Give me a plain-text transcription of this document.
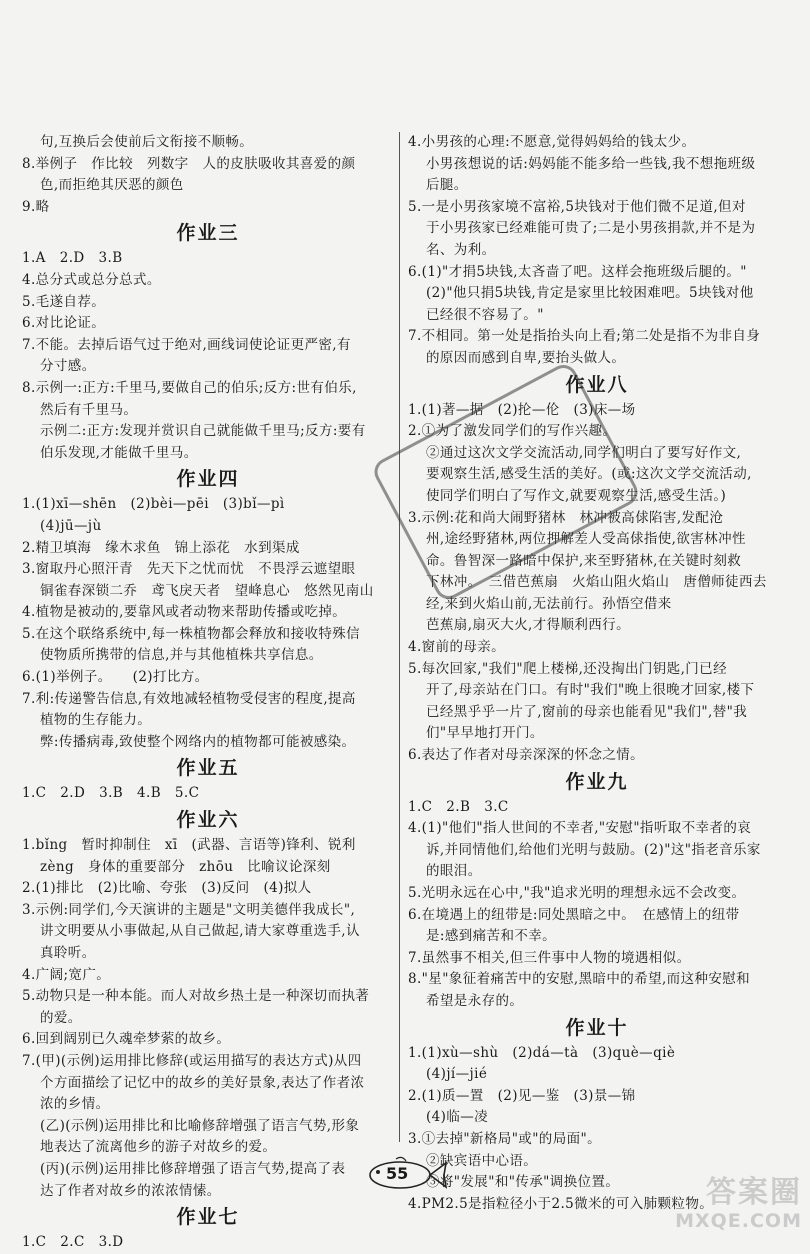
句,互换后会使前后文衔接不顺畅。
8.举例子　作比较　列数字　人的皮肤吸收其喜爱的颜
色,而拒绝其厌恶的颜色
9.略
作业三
1.A　2.D　3.B
4.总分式或总分总式。
5.毛遂自荐。
6.对比论证。
7.不能。去掉后语气过于绝对,画线词使论证更严密,有
分寸感。
8.示例一:正方:千里马,要做自己的伯乐;反方:世有伯乐,
然后有千里马。
示例二:正方:发现并赏识自己就能做千里马;反方:要有
伯乐发现,才能做千里马。
作业四
1.(1)xī—shēn　(2)bèi—pēi　(3)bǐ—pì
(4)jū—jù
2.精卫填海　缘木求鱼　锦上添花　水到渠成
3.窗取丹心照汗青　先天下之忧而忧　不畏浮云遮望眼
铜雀春深锁二乔　鸢飞戾天者　望峰息心　悠然见南山
4.植物是被动的,要靠风或者动物来帮助传播或吃掉。
5.在这个联络系统中,每一株植物都会释放和接收特殊信
使物质所携带的信息,并与其他植株共享信息。
6.(1)举例子。　　(2)打比方。
7.利:传递警告信息,有效地减轻植物受侵害的程度,提高
植物的生存能力。
弊:传播病毒,致使整个网络内的植物都可能被感染。
作业五
1.C　2.D　3.B　4.B　5.C
作业六
1.bǐng　暂时抑制住　xī　(武器、言语等)锋利、锐利
zèng　身体的重要部分　zhōu　比喻议论深刻
2.(1)排比　(2)比喻、夸张　(3)反问　(4)拟人
3.示例:同学们,今天演讲的主题是"文明美德伴我成长",
讲文明要从小事做起,从自己做起,请大家尊重选手,认
真聆听。
4.广阔;宽广。
5.动物只是一种本能。而人对故乡热土是一种深切而执著
的爱。
6.回到阔别已久魂牵梦萦的故乡。
7.(甲)(示例)运用排比修辞(或运用描写的表达方式)从四
个方面描绘了记忆中的故乡的美好景象,表达了作者浓
浓的乡情。
(乙)(示例)运用排比和比喻修辞增强了语言气势,形象
地表达了流离他乡的游子对故乡的爱。
(丙)(示例)运用排比修辞增强了语言气势,提高了表
达了作者对故乡的浓浓情愫。
作业七
1.C　2.C　3.D
4.小男孩的心理:不愿意,觉得妈妈给的钱太少。
小男孩想说的话:妈妈能不能多给一些钱,我不想拖班级
后腿。
5.一是小男孩家境不富裕,5块钱对于他们微不足道,但对
于小男孩家已经难能可贵了;二是小男孩捐款,并不是为
名、为利。
6.(1)"才捐5块钱,太吝啬了吧。这样会拖班级后腿的。"
(2)"他只捐5块钱,肯定是家里比较困难吧。5块钱对他
已经很不容易了。"
7.不相同。第一处是指抬头向上看;第二处是指不为非自身
的原因而感到自卑,要抬头做人。
作业八
1.(1)著—据　(2)抡—伦　(3)床—场
2.①为了激发同学们的写作兴趣。
②通过这次文学交流活动,同学们明白了要写好作文,
要观察生活,感受生活的美好。(或:这次文学交流活动,
使同学们明白了写作文,就要观察生活,感受生活。)
3.示例:花和尚大闹野猪林　林冲被高俅陷害,发配沧
州,途经野猪林,两位押解差人受高俅指使,欲害林冲性
命。鲁智深一路暗中保护,来至野猪林,在关键时刻救
下林冲。　三借芭蕉扇　火焰山阻火焰山　唐僧师徒西去
经,来到火焰山前,无法前行。孙悟空借来
芭蕉扇,扇灭大火,才得顺利西行。
4.窗前的母亲。
5.每次回家,"我们"爬上楼梯,还没掏出门钥匙,门已经
开了,母亲站在门口。有时"我们"晚上很晚才回家,楼下
已经黑乎乎一片了,窗前的母亲也能看见"我们",替"我
们"早早地打开门。
6.表达了作者对母亲深深的怀念之情。
作业九
1.C　2.B　3.C
4.(1)"他们"指人世间的不幸者,"安慰"指听取不幸者的哀
诉,并同情他们,给他们光明与鼓励。(2)"这"指老音乐家
的眼泪。
5.光明永远在心中,"我"追求光明的理想永远不会改变。
6.在境遇上的纽带是:同处黑暗之中。　在感情上的纽带
是:感到痛苦和不幸。
7.虽然事不相关,但三件事中人物的境遇相似。
8."星"象征着痛苦中的安慰,黑暗中的希望,而这种安慰和
希望是永存的。
作业十
1.(1)xù—shù　(2)dá—tà　(3)què—qiè
(4)jí—jié
2.(1)质—置　(2)见—鉴　(3)景—锦
(4)临—凌
3.①去掉"新格局"或"的局面"。
②缺宾语中心语。
③将"发展"和"传承"调换位置。
4.PM2.5是指粒径小于2.5微米的可入肺颗粒物。
55
答案圈
MXQE.COM
